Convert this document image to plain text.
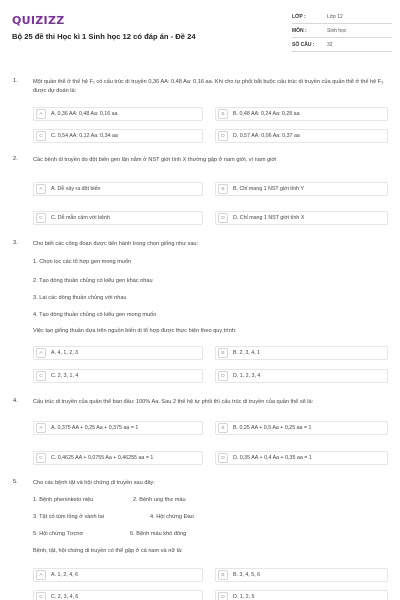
QUIZIZZ
Bộ 25 đề thi Học kì 1 Sinh học 12 có đáp án - Đề 24
LỚP :	Lớp 12
MÔN :	Sinh học
SỐ CÂU :	32
1.	Một quần thể ở thế hệ F₁ có cấu trúc di truyền 0,36 AA: 0,48 Aa: 0,16 aa. Khi cho tự phối bắt buộc cấu trúc di truyền của quần thể ở thế hệ F₃ được dự đoán là:
A	A. 0,36 AA: 0,48 Aa: 0,16 aa	B	B. 0,48 AA: 0,24 Aa: 0,28 aa
C	C. 0,54 AA: 0,12 Aa: 0,34 aa	D	D. 0,57 AA: 0,06 Aa: 0,37 aa
2.	Các bệnh di truyền do đột biến gen lặn nằm ở NST giới tính X thường gặp ở nam giới, vì nam giới
A	A. Dễ xảy ra đột biến	B	B. Chỉ mang 1 NST giới tính Y
C	C. Dễ mẫn cảm với bệnh	D	D. Chỉ mang 1 NST giới tính X
3.	Cho biết các công đoạn được tiến hành trong chọn giống như sau:
1. Chọn lọc các tổ hợp gen mong muốn
2. Tạo dòng thuần chủng có kiểu gen khác nhau
3. Lai các dòng thuần chủng với nhau
4. Tạo dòng thuần chủng có kiểu gen mong muốn
Việc tạo giống thuần dựa trên nguồn biến dị tổ hợp được thực hiện theo quy trình:
A	A. 4, 1, 2, 3	B	B. 2, 3, 4, 1
C	C. 2, 3, 1, 4	D	D. 1, 2, 3, 4
4.	Cấu trúc di truyền của quần thể ban đầu: 100% Aa. Sau 2 thế hệ tự phối thì cấu trúc di truyền của quần thể sẽ là:
A	A. 0,375 AA + 0,25 Aa + 0,375 aa = 1	B	B. 0,25 AA + 0,5 Aa + 0,25 aa = 1
C	C. 0,4625 AA + 0,0755 Aa + 0,46255 aa = 1	D	D. 0,35 AA + 0,4 Aa + 0,35 aa = 1
5.	Cho các bệnh tật và hội chứng di truyền sau đây:
1. Bệnh pheninketo niệu	2. Bệnh ung thư máu
3. Tật có túm lông ở vành tai	4. Hội chứng Đao
5. Hội chứng Tơcnơ	6. Bệnh máu khó đông
Bệnh, tật, hội chứng di truyền có thể gặp ở cả nam và nữ là:
A	A. 1, 2, 4, 6	B	B. 3, 4, 5, 6
C	C. 2, 3, 4, 6	D	D. 1, 2, 5
